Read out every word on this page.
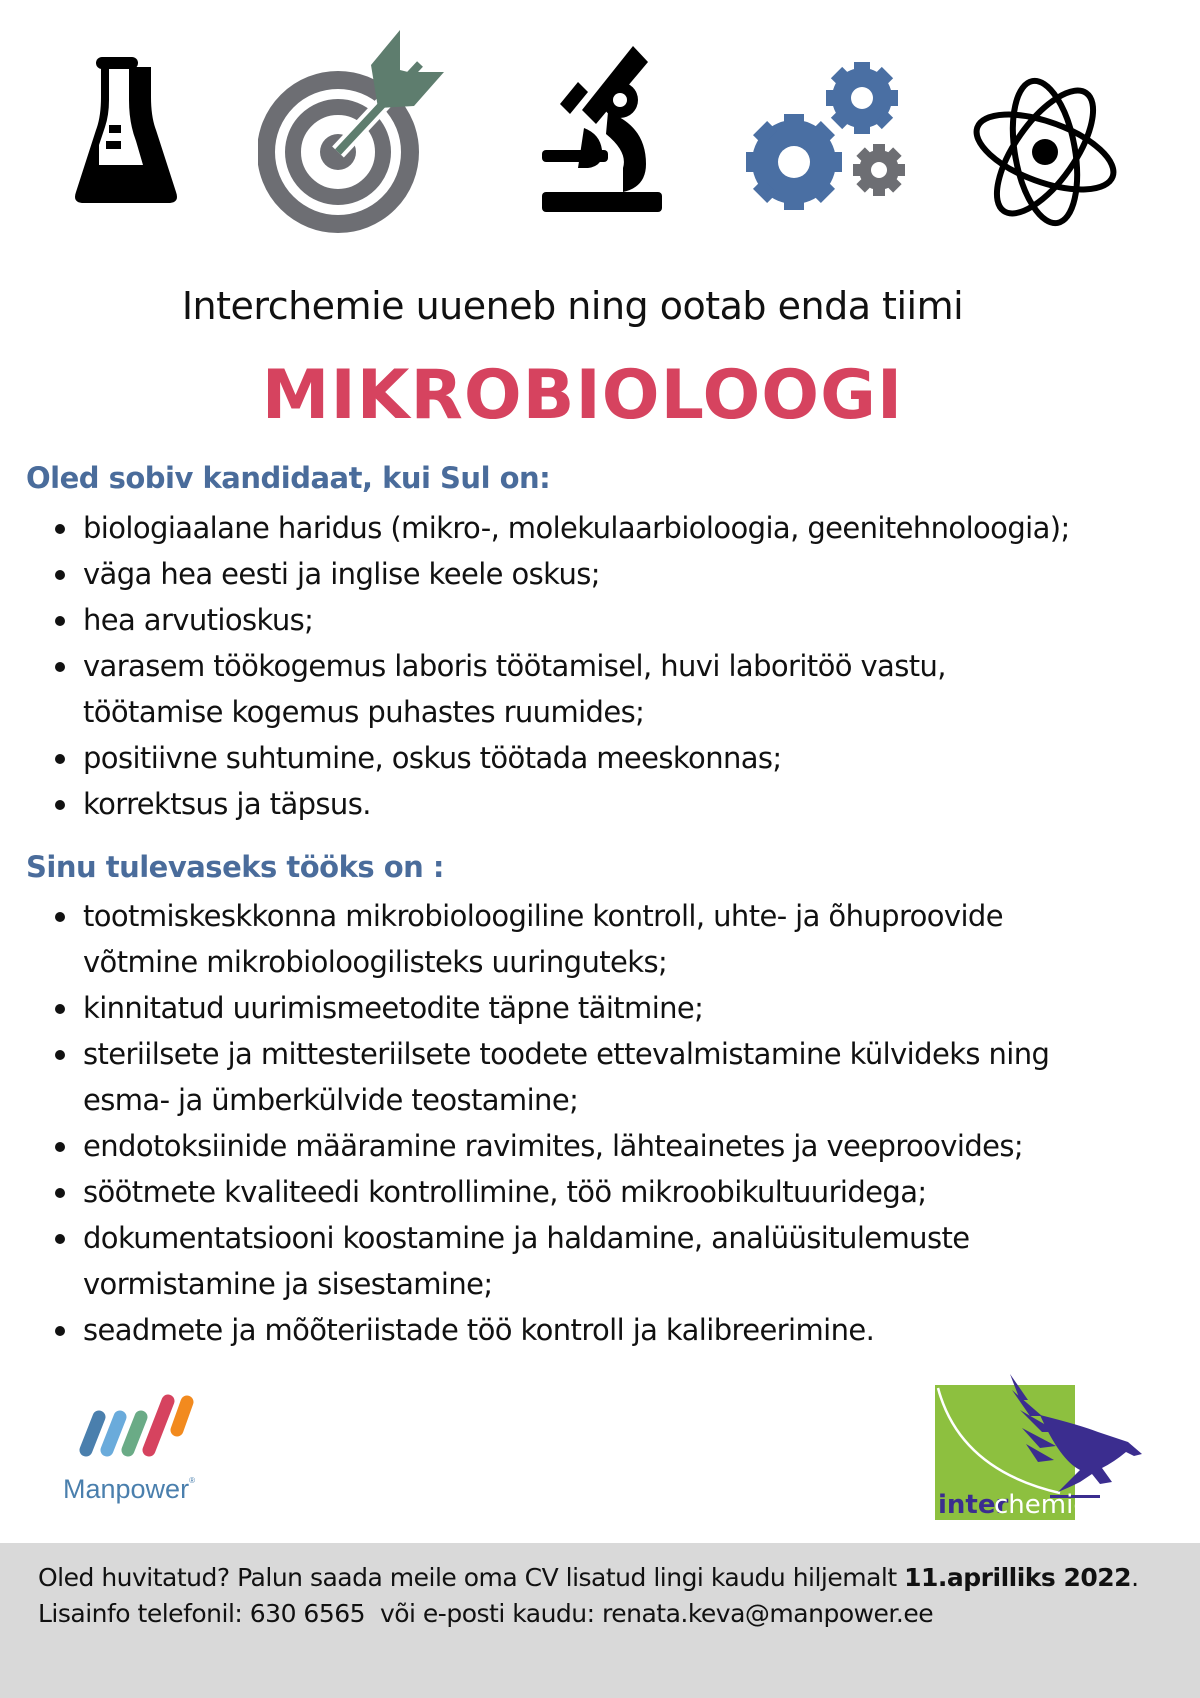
Interchemie uueneb ning ootab enda tiimi
MIKROBIOLOOGI
Oled sobiv kandidaat, kui Sul on:
biologiaalane haridus (mikro-, molekulaarbioloogia, geenitehnoloogia);
väga hea eesti ja inglise keele oskus;
hea arvutioskus;
varasem töökogemus laboris töötamisel, huvi laboritöö vastu,
töötamise kogemus puhastes ruumides;
positiivne suhtumine, oskus töötada meeskonnas;
korrektsus ja täpsus.
Sinu tulevaseks tööks on :
tootmiskeskkonna mikrobioloogiline kontroll, uhte- ja õhuproovide
võtmine mikrobioloogilisteks uuringuteks;
kinnitatud uurimismeetodite täpne täitmine;
steriilsete ja mittesteriilsete toodete ettevalmistamine külvideks ning
esma- ja ümberkülvide teostamine;
endotoksiinide määramine ravimites, lähteainetes ja veeproovides;
söötmete kvaliteedi kontrollimine, töö mikroobikultuuridega;
dokumentatsiooni koostamine ja haldamine, analüüsitulemuste
vormistamine ja sisestamine;
seadmete ja mõõteriistade töö kontroll ja kalibreerimine.
Manpower®
inter
chemie

Oled huvitatud? Palun saada meile oma CV lisatud lingi kaudu hiljemalt 11.aprilliks 2022.

Lisainfo telefonil: 630 6565  või e-posti kaudu: renata.keva@manpower.ee
